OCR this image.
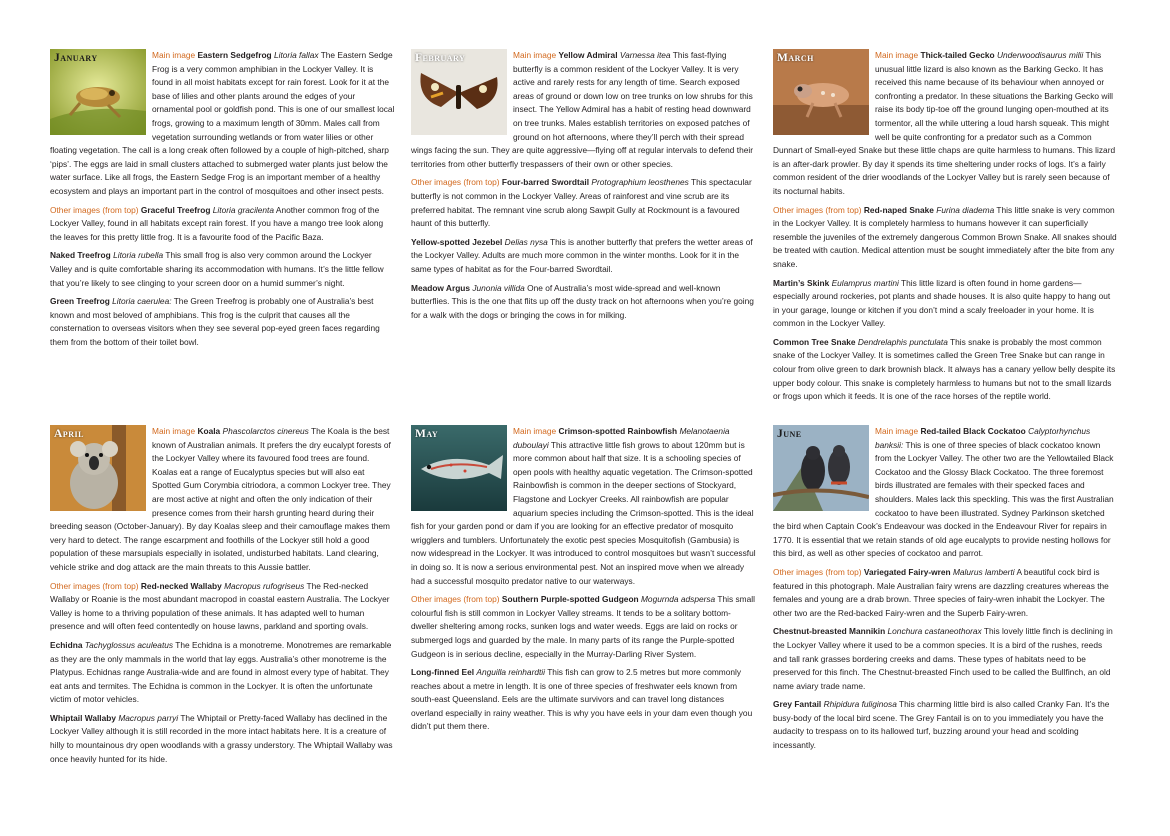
January	Main image Eastern Sedgefrog Litoria fallax The Eastern Sedge Frog is a very common amphibian in the Lockyer Valley. It is found in all moist habitats except for rain forest. Look for it at the base of lilies and other plants around the edges of your ornamental pool or goldfish pond. This is one of our smallest local frogs, growing to a maximum length of 30mm. Males call from vegetation surrounding wetlands or from water lilies or other floating vegetation. The call is a long creak often followed by a couple of high-pitched, sharp ‘pips’. The eggs are laid in small clusters attached to submerged water plants just below the water surface. Like all frogs, the Eastern Sedge Frog is an important member of a healthy ecosystem and plays an important part in the control of mosquitoes and other insect pests.

Other images (from top) Graceful Treefrog Litoria gracilenta Another common frog of the Lockyer Valley, found in all habitats except rain forest. If you have a mango tree look along the leaves for this pretty little frog. It is a favourite food of the Pacific Baza.

Naked Treefrog Litoria rubella This small frog is also very common around the Lockyer Valley and is quite comfortable sharing its accommodation with humans. It’s the little fellow that you’re likely to see clinging to your screen door on a humid summer’s night.

Green Treefrog Litoria caerulea: The Green Treefrog is probably one of Australia’s best known and most beloved of amphibians. This frog is the culprit that causes all the consternation to overseas visitors when they see several pop-eyed green faces regarding them from the bottom of their toilet bowl.

February	Main image Yellow Admiral Varnessa itea This fast-flying butterfly is a common resident of the Lockyer Valley. It is very active and rarely rests for any length of time. Search exposed areas of ground or down low on tree trunks on low shrubs for this insect. The Yellow Admiral has a habit of resting head downward on tree trunks. Males establish territories on exposed patches of ground on hot afternoons, where they’ll perch with their spread wings facing the sun. They are quite aggressive—flying off at regular intervals to defend their territories from other butterfly trespassers of their own or other species.

Other images (from top) Four-barred Swordtail Protographium leosthenes This spectacular butterfly is not common in the Lockyer Valley. Areas of rainforest and vine scrub are its preferred habitat. The remnant vine scrub along Sawpit Gully at Rockmount is a favoured haunt of this butterfly.

Yellow-spotted Jezebel Delias nysa This is another butterfly that prefers the wetter areas of the Lockyer Valley. Adults are much more common in the winter months. Look for it in the same types of habitat as for the Four-barred Swordtail.

Meadow Argus Junonia villida One of Australia’s most wide-spread and well-known butterflies. This is the one that flits up off the dusty track on hot afternoons when you’re going for a walk with the dogs or bringing the cows in for milking.

March	Main image Thick-tailed Gecko Underwoodisaurus milii This unusual little lizard is also known as the Barking Gecko. It has received this name because of its behaviour when annoyed or confronting a predator. In these situations the Barking Gecko will raise its body tip-toe off the ground lunging open-mouthed at its tormentor, all the while uttering a loud harsh squeak. This might well be quite confronting for a predator such as a Common Dunnart of Small-eyed Snake but these little chaps are quite harmless to humans. This lizard is an after-dark prowler. By day it spends its time sheltering under rocks of logs. It’s a fairly common resident of the drier woodlands of the Lockyer Valley but is rarely seen because of its nocturnal habits.

Other images (from top) Red-naped Snake Furina diadema This little snake is very common in the Lockyer Valley. It is completely harmless to humans however it can superficially resemble the juveniles of the extremely dangerous Common Brown Snake. All snakes should be treated with caution. Medical attention must be sought immediately after the bite from any snake.

Martin’s Skink Eulamprus martini This little lizard is often found in home gardens—especially around rockeries, pot plants and shade houses. It is also quite happy to hang out in your garage, lounge or kitchen if you don’t mind a scaly freeloader in your home. It is common in the Lockyer Valley.

Common Tree Snake Dendrelaphis punctulata This snake is probably the most common snake of the Lockyer Valley. It is sometimes called the Green Tree Snake but can range in colour from olive green to dark brownish black. It always has a canary yellow belly despite its upper body colour. This snake is completely harmless to humans but not to the small lizards or frogs upon which it feeds. It is one of the race horses of the reptile world.

April	Main image Koala Phascolarctos cinereus The Koala is the best known of Australian animals. It prefers the dry eucalypt forests of the Lockyer Valley where its favoured food trees are found. Koalas eat a range of Eucalyptus species but will also eat Spotted Gum Corymbia citriodora, a common Lockyer tree. They are most active at night and often the only indication of their presence comes from their harsh grunting heard during their breeding season (October-January). By day Koalas sleep and their camouflage makes them very hard to detect. The range escarpment and foothills of the Lockyer still hold a good population of these marsupials especially in isolated, undisturbed habitats. Land clearing, vehicle strike and dog attack are the main threats to this Aussie battler.

Other images (from top) Red-necked Wallaby Macropus rufogriseus The Red-necked Wallaby or Roanie is the most abundant macropod in coastal eastern Australia. The Lockyer Valley is home to a thriving population of these animals. It has adapted well to human presence and will often feed contentedly on house lawns, parkland and sporting ovals.

Echidna Tachyglossus aculeatus The Echidna is a monotreme. Monotremes are remarkable as they are the only mammals in the world that lay eggs. Australia’s other monotreme is the Platypus. Echidnas range Australia-wide and are found in almost every type of habitat. They eat ants and termites. The Echidna is common in the Lockyer. It is often the unfortunate victim of motor vehicles.

Whiptail Wallaby Macropus parryi The Whiptail or Pretty-faced Wallaby has declined in the Lockyer Valley although it is still recorded in the more intact habitats here. It is a creature of hilly to mountainous dry open woodlands with a grassy understory. The Whiptail Wallaby was once heavily hunted for its hide.

May	Main image Crimson-spotted Rainbowfish Melanotaenia duboulayi This attractive little fish grows to about 120mm but is more common about half that size. It is a schooling species of open pools with healthy aquatic vegetation. The Crimson-spotted Rainbowfish is common in the deeper sections of Stockyard, Flagstone and Lockyer Creeks. All rainbowfish are popular aquarium species including the Crimson-spotted. This is the ideal fish for your garden pond or dam if you are looking for an effective predator of mosquito wrigglers and tumblers. Unfortunately the exotic pest species Mosquitofish (Gambusia) is now widespread in the Lockyer. It was introduced to control mosquitoes but wasn’t successful in doing so. It is now a serious environmental pest. Not an inspired move when we already had a successful mosquito predator native to our waterways.

Other images (from top) Southern Purple-spotted Gudgeon Mogurnda adspersa This small colourful fish is still common in Lockyer Valley streams. It tends to be a solitary bottom-dweller sheltering among rocks, sunken logs and water weeds. Eggs are laid on rocks or submerged logs and guarded by the male. In many parts of its range the Purple-spotted Gudgeon is in serious decline, especially in the Murray-Darling River System.

Long-finned Eel Anguilla reinhardtii This fish can grow to 2.5 metres but more commonly reaches about a metre in length. It is one of three species of freshwater eels known from south-east Queensland. Eels are the ultimate survivors and can travel long distances overland especially in rainy weather. This is why you have eels in your dam even though you didn’t put them there.

June	Main image Red-tailed Black Cockatoo Calyptorhynchus banksii: This is one of three species of black cockatoo known from the Lockyer Valley. The other two are the Yellowtailed Black Cockatoo and the Glossy Black Cockatoo. The three foremost birds illustrated are females with their specked faces and shoulders. Males lack this speckling. This was the first Australian cockatoo to have been illustrated. Sydney Parkinson sketched the bird when Captain Cook’s Endeavour was docked in the Endeavour River for repairs in 1770. It is essential that we retain stands of old age eucalypts to provide nesting hollows for this bird, as well as other species of cockatoo and parrot.

Other images (from top) Variegated Fairy-wren Malurus lamberti A beautiful cock bird is featured in this photograph. Male Australian fairy wrens are dazzling creatures whereas the females and young are a drab brown. Three species of fairy-wren inhabit the Lockyer. The other two are the Red-backed Fairy-wren and the Superb Fairy-wren.

Chestnut-breasted Mannikin Lonchura castaneothorax This lovely little finch is declining in the Lockyer Valley where it used to be a common species. It is a bird of the rushes, reeds and tall rank grasses bordering creeks and dams. These types of habitats need to be preserved for this finch. The Chestnut-breasted Finch used to be called the Bullfinch, an old name aviary trade name.

Grey Fantail Rhipidura fuliginosa This charming little bird is also called Cranky Fan. It’s the busy-body of the local bird scene. The Grey Fantail is on to you immediately you have the audacity to trespass on to its hallowed turf, buzzing around your head and scolding incessantly.
